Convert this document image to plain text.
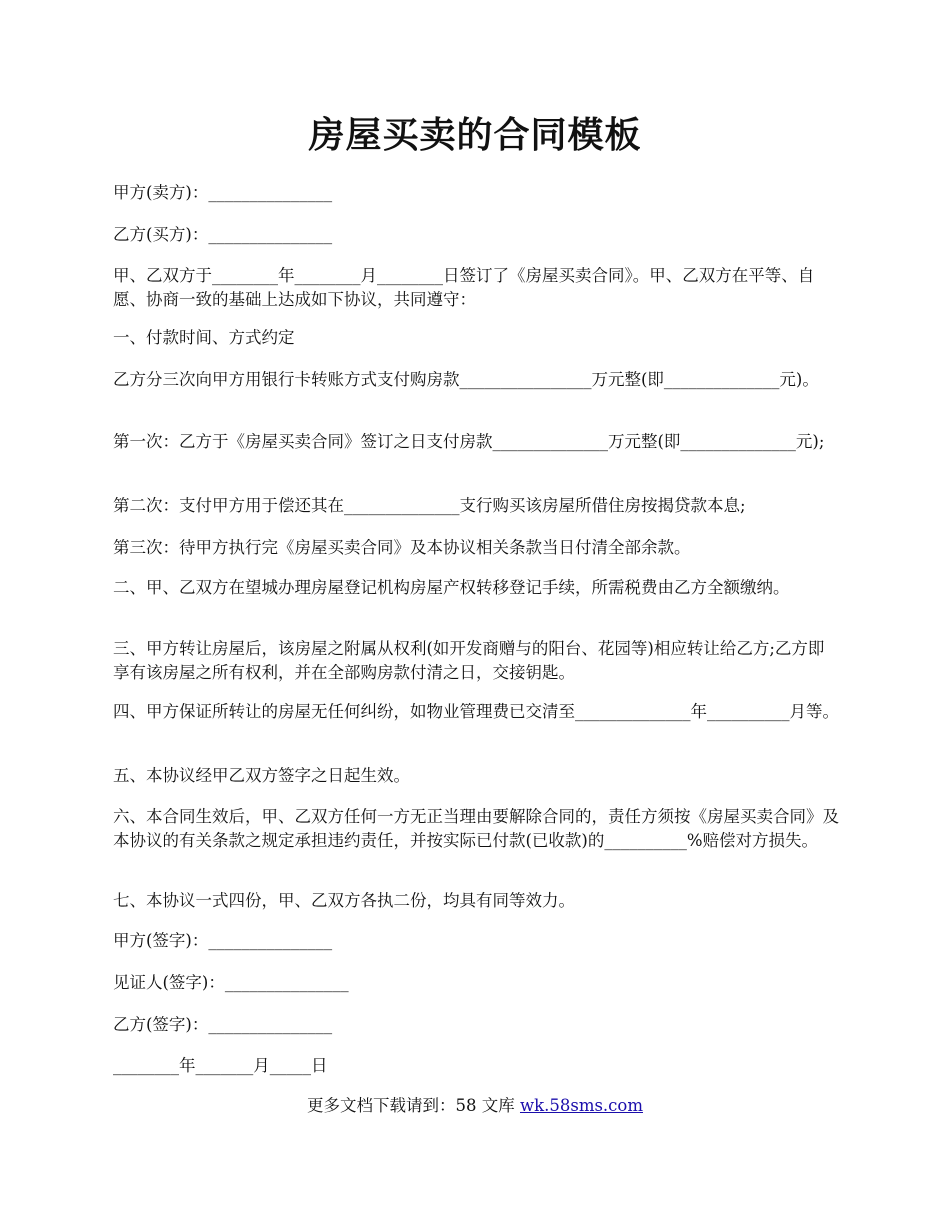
房屋买卖的合同模板

甲方(卖方)：_______________

乙方(买方)：_______________

甲、乙双方于________年________月________日签订了《房屋买卖合同》。甲、乙双方在平等、自愿、协商一致的基础上达成如下协议，共同遵守：

一、付款时间、方式约定

乙方分三次向甲方用银行卡转账方式支付购房款________________万元整(即______________元)。

第一次：乙方于《房屋买卖合同》签订之日支付房款______________万元整(即______________元);

第二次：支付甲方用于偿还其在______________支行购买该房屋所借住房按揭贷款本息;

第三次：待甲方执行完《房屋买卖合同》及本协议相关条款当日付清全部余款。

二、甲、乙双方在望城办理房屋登记机构房屋产权转移登记手续，所需税费由乙方全额缴纳。

三、甲方转让房屋后，该房屋之附属从权利(如开发商赠与的阳台、花园等)相应转让给乙方;乙方即享有该房屋之所有权利，并在全部购房款付清之日，交接钥匙。

四、甲方保证所转让的房屋无任何纠纷，如物业管理费已交清至______________年__________月等。

五、本协议经甲乙双方签字之日起生效。

六、本合同生效后，甲、乙双方任何一方无正当理由要解除合同的，责任方须按《房屋买卖合同》及本协议的有关条款之规定承担违约责任，并按实际已付款(已收款)的__________%赔偿对方损失。

七、本协议一式四份，甲、乙双方各执二份，均具有同等效力。

甲方(签字)：_______________

见证人(签字)：_______________

乙方(签字)：_______________

________年_______月_____日

更多文档下载请到：58 文库 wk.58sms.com
